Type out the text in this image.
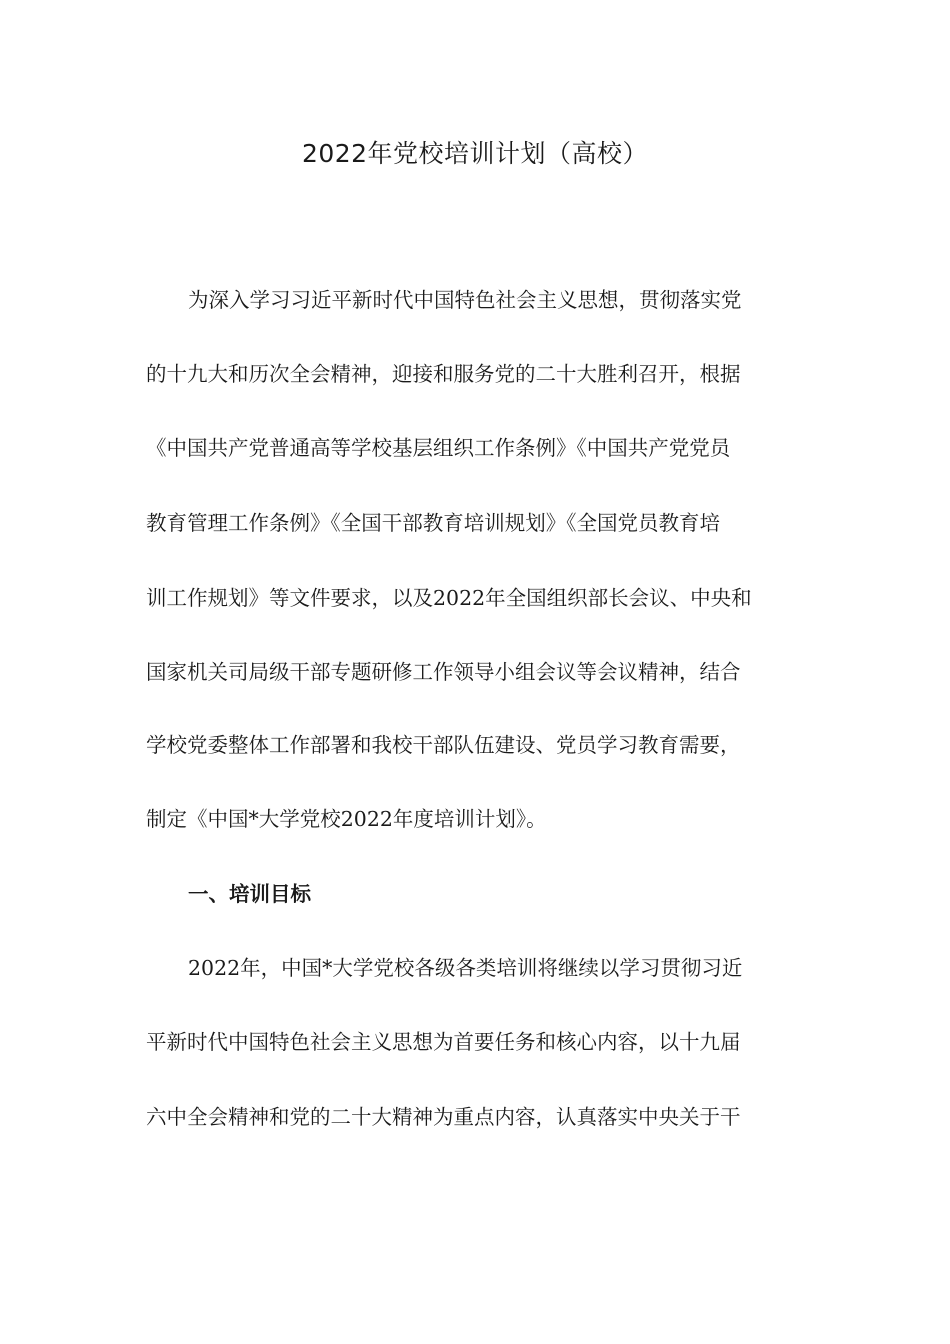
2022年党校培训计划（高校）
为深入学习习近平新时代中国特色社会主义思想，贯彻落实党
的十九大和历次全会精神，迎接和服务党的二十大胜利召开，根据
《中国共产党普通高等学校基层组织工作条例》《中国共产党党员
教育管理工作条例》《全国干部教育培训规划》《全国党员教育培
训工作规划》等文件要求，以及2022年全国组织部长会议、中央和
国家机关司局级干部专题研修工作领导小组会议等会议精神，结合
学校党委整体工作部署和我校干部队伍建设、党员学习教育需要，
制定《中国*大学党校2022年度培训计划》。
一、培训目标
2022年，中国*大学党校各级各类培训将继续以学习贯彻习近
平新时代中国特色社会主义思想为首要任务和核心内容，以十九届
六中全会精神和党的二十大精神为重点内容，认真落实中央关于干
